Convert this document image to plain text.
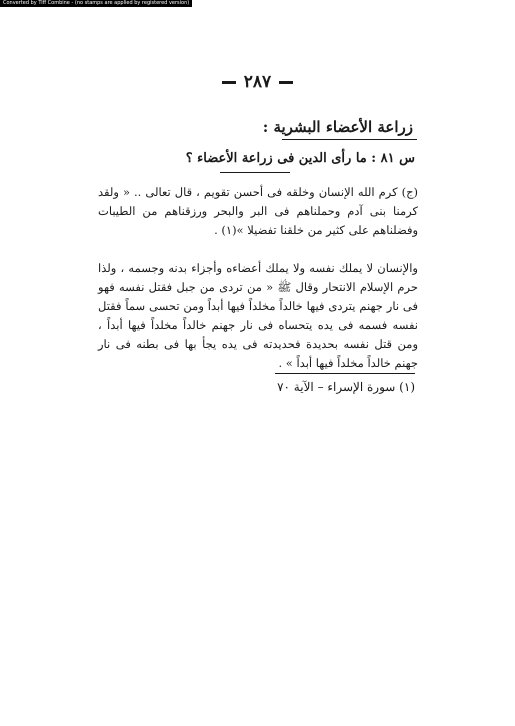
Converted by Tiff Combine - (no stamps are applied by registered version)
٢٨٧
زراعة الأعضاء البشرية :
س ٨١ : ما رأى الدين فى زراعة الأعضاء ؟
(ج) كرم الله الإنسان وخلقه فى أحسن تقويم ، قال تعالى .. « ولقد كرمنا بنى آدم وحملناهم فى البر والبحر ورزقناهم من الطيبات وفضلناهم على كثير من خلقنا تفضيلا »(١) .
والإنسان لا يملك نفسه ولا يملك أعضاءه وأجزاء بدنه وجسمه ، ولذا حرم الإسلام الانتحار وقال ﷺ « من تردى من جبل فقتل نفسه فهو فى نار جهنم يتردى فيها خالداً مخلداً فيها أبداً ومن تحسى سماً فقتل نفسه فسمه فى يده يتحساه فى نار جهنم خالداً مخلداً فيها أبداً ، ومن قتل نفسه بحديدة فحديدته فى يده يجأ بها فى بطنه فى نار جهنم خالداً مخلداً فيها أبداً » .
(١) سورة الإسراء – الآية ٧٠
